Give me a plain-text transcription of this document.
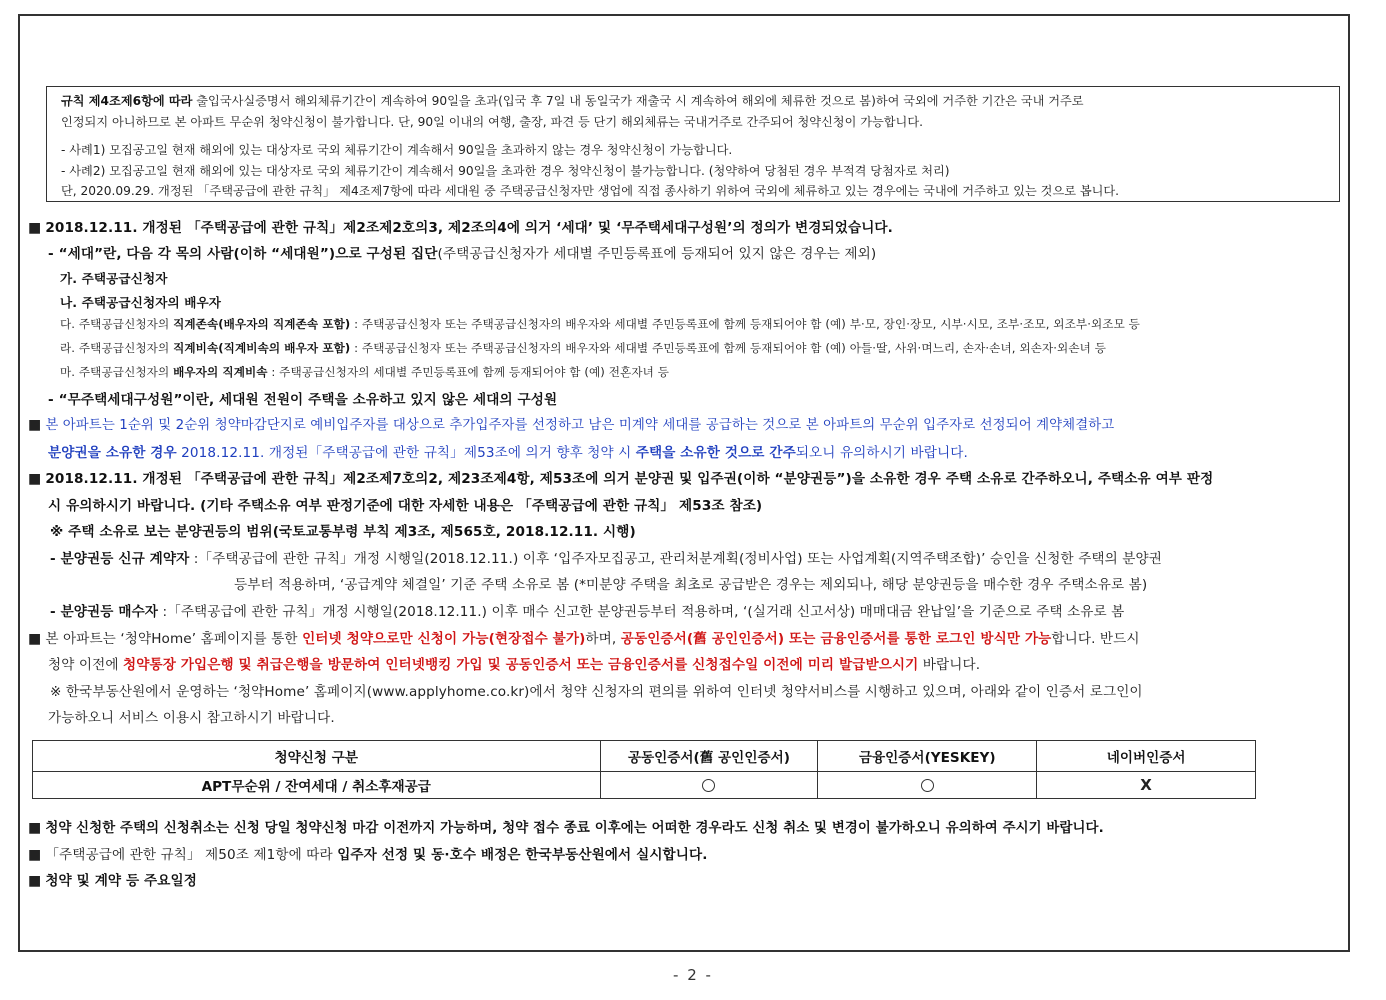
규칙 제4조제6항에 따라 출입국사실증명서 해외체류기간이 계속하여 90일을 초과(입국 후 7일 내 동일국가 재출국 시 계속하여 해외에 체류한 것으로 봄)하여 국외에 거주한 기간은 국내 거주로

인정되지 아니하므로 본 아파트 무순위 청약신청이 불가합니다. 단, 90일 이내의 여행, 출장, 파견 등 단기 해외체류는 국내거주로 간주되어 청약신청이 가능합니다.

- 사례1) 모집공고일 현재 해외에 있는 대상자로 국외 체류기간이 계속해서 90일을 초과하지 않는 경우 청약신청이 가능합니다.

- 사례2) 모집공고일 현재 해외에 있는 대상자로 국외 체류기간이 계속해서 90일을 초과한 경우 청약신청이 불가능합니다. (청약하여 당첨된 경우 부적격 당첨자로 처리)

단, 2020.09.29. 개정된 「주택공급에 관한 규칙」 제4조제7항에 따라 세대원 중 주택공급신청자만 생업에 직접 종사하기 위하여 국외에 체류하고 있는 경우에는 국내에 거주하고 있는 것으로 봅니다.

■ 2018.12.11. 개정된 「주택공급에 관한 규칙」제2조제2호의3, 제2조의4에 의거 ‘세대’ 및 ‘무주택세대구성원’의 정의가 변경되었습니다.
- “세대”란, 다음 각 목의 사람(이하 “세대원”)으로 구성된 집단(주택공급신청자가 세대별 주민등록표에 등재되어 있지 않은 경우는 제외)
가. 주택공급신청자
나. 주택공급신청자의 배우자
다. 주택공급신청자의 직계존속(배우자의 직계존속 포함) : 주택공급신청자 또는 주택공급신청자의 배우자와 세대별 주민등록표에 함께 등재되어야 함 (예) 부·모, 장인·장모, 시부·시모, 조부·조모, 외조부·외조모 등
라. 주택공급신청자의 직계비속(직계비속의 배우자 포함) : 주택공급신청자 또는 주택공급신청자의 배우자와 세대별 주민등록표에 함께 등재되어야 함 (예) 아들·딸, 사위·며느리, 손자·손녀, 외손자·외손녀 등
마. 주택공급신청자의 배우자의 직계비속 : 주택공급신청자의 세대별 주민등록표에 함께 등재되어야 함 (예) 전혼자녀 등
- “무주택세대구성원”이란, 세대원 전원이 주택을 소유하고 있지 않은 세대의 구성원
■ 본 아파트는 1순위 및 2순위 청약마감단지로 예비입주자를 대상으로 추가입주자를 선정하고 남은 미계약 세대를 공급하는 것으로 본 아파트의 무순위 입주자로 선정되어 계약체결하고
분양권을 소유한 경우 2018.12.11. 개정된「주택공급에 관한 규칙」제53조에 의거 향후 청약 시 주택을 소유한 것으로 간주되오니 유의하시기 바랍니다.
■ 2018.12.11. 개정된 「주택공급에 관한 규칙」제2조제7호의2, 제23조제4항, 제53조에 의거 분양권 및 입주권(이하 “분양권등”)을 소유한 경우 주택 소유로 간주하오니, 주택소유 여부 판정
시 유의하시기 바랍니다. (기타 주택소유 여부 판정기준에 대한 자세한 내용은 「주택공급에 관한 규칙」 제53조 참조)
※ 주택 소유로 보는 분양권등의 범위(국토교통부령 부칙 제3조, 제565호, 2018.12.11. 시행)
- 분양권등 신규 계약자 :「주택공급에 관한 규칙」개정 시행일(2018.12.11.) 이후 ‘입주자모집공고, 관리처분계획(정비사업) 또는 사업계획(지역주택조합)’ 승인을 신청한 주택의 분양권
등부터 적용하며, ‘공급계약 체결일’ 기준 주택 소유로 봄 (*미분양 주택을 최초로 공급받은 경우는 제외되나, 해당 분양권등을 매수한 경우 주택소유로 봄)
- 분양권등 매수자 :「주택공급에 관한 규칙」개정 시행일(2018.12.11.) 이후 매수 신고한 분양권등부터 적용하며, ‘(실거래 신고서상) 매매대금 완납일’을 기준으로 주택 소유로 봄
■ 본 아파트는 ‘청약Home’ 홈페이지를 통한 인터넷 청약으로만 신청이 가능(현장접수 불가)하며, 공동인증서(舊 공인인증서) 또는 금융인증서를 통한 로그인 방식만 가능합니다. 반드시
청약 이전에 청약통장 가입은행 및 취급은행을 방문하여 인터넷뱅킹 가입 및 공동인증서 또는 금융인증서를 신청접수일 이전에 미리 발급받으시기 바랍니다.
※ 한국부동산원에서 운영하는 ‘청약Home’ 홈페이지(www.applyhome.co.kr)에서 청약 신청자의 편의를 위하여 인터넷 청약서비스를 시행하고 있으며, 아래와 같이 인증서 로그인이
가능하오니 서비스 이용시 참고하시기 바랍니다.
청약신청 구분	공동인증서(舊 공인인증서)	금융인증서(YESKEY)	네이버인증서
APT무순위 / 잔여세대 / 취소후재공급			X
■ 청약 신청한 주택의 신청취소는 신청 당일 청약신청 마감 이전까지 가능하며, 청약 접수 종료 이후에는 어떠한 경우라도 신청 취소 및 변경이 불가하오니 유의하여 주시기 바랍니다.
■ 「주택공급에 관한 규칙」 제50조 제1항에 따라 입주자 선정 및 동·호수 배정은 한국부동산원에서 실시합니다.
■ 청약 및 계약 등 주요일정
- 2 -
